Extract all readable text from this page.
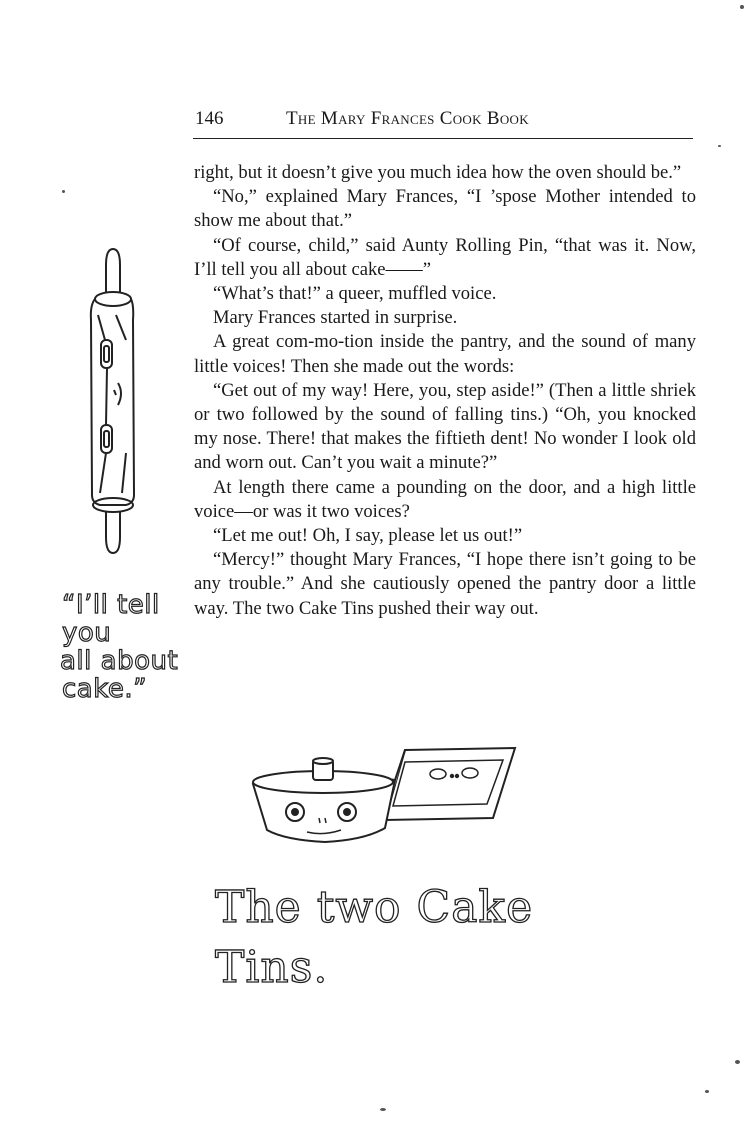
146	The Mary Frances Cook Book

right, but it doesn’t give you much idea how the oven should be.”

“No,” explained Mary Frances, “I ’spose Mother intended to show me about that.”

“Of course, child,” said Aunty Rolling Pin, “that was it. Now, I’ll tell you all about cake——”

“What’s that!” a queer, muffled voice.

Mary Frances started in surprise.

A great com-mo-tion inside the pantry, and the sound of many little voices! Then she made out the words:

“Get out of my way! Here, you, step aside!” (Then a little shriek or two followed by the sound of falling tins.) “Oh, you knocked my nose. There! that makes the fiftieth dent! No wonder I look old and worn out. Can’t you wait a minute?”

At length there came a pounding on the door, and a high little voice—or was it two voices?

“Let me out! Oh, I say, please let us out!”

“Mercy!” thought Mary Frances, “I hope there isn’t going to be any trouble.” And she cautiously opened the pantry door a little way. The two Cake Tins pushed their way out.

“I’ll tell
you
all about
cake.”
The two Cake Tins.
